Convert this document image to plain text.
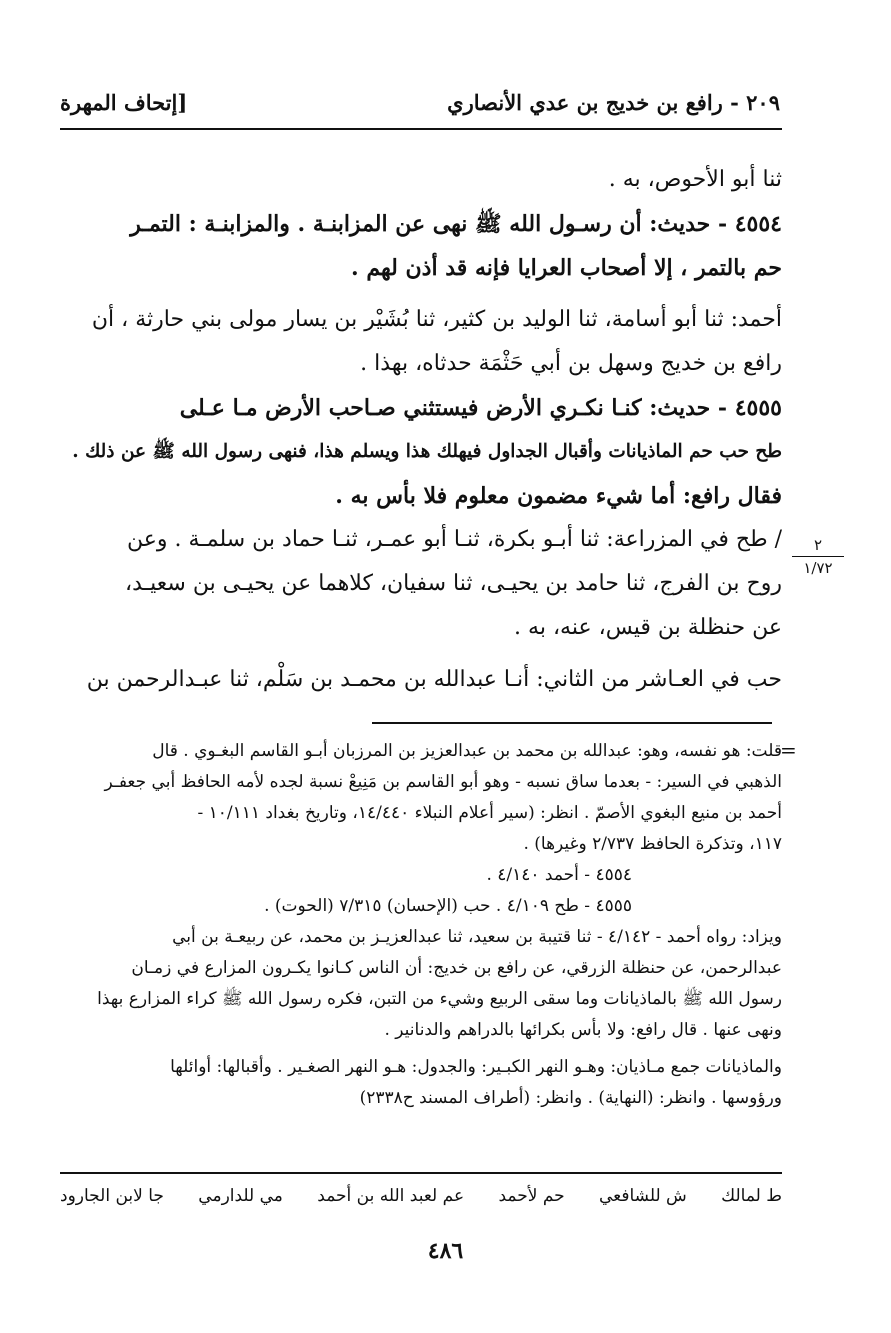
٢٠٩ - رافع بن خديج بن عدي الأنصاري
[إتحاف المهرة
ثنا أبو الأحوص، به .
٤٥٥٤ - حديث: أن رسـول الله ﷺ نهى عن المزابنـة . والمزابنـة : التمـر
حم بالتمر ، إلا أصحاب العرايا فإنه قد أذن لهم .
أحمد: ثنا أبو أسامة، ثنا الوليد بن كثير، ثنا بُشَيْر بن يسار مولى بني حارثة ، أن
رافع بن خديج وسهل بن أبي حَثْمَة حدثاه، بهذا .
٤٥٥٥ - حديث: كنـا نكـري الأرض فيستثني صـاحب الأرض مـا عـلى
طح حب حم الماذيانات وأقبال الجداول فيهلك هذا ويسلم هذا، فنهى رسول الله ﷺ عن ذلك .
فقال رافع: أما شيء مضمون معلوم فلا بأس به .
/ طح في المزراعة: ثنا أبـو بكرة، ثنـا أبو عمـر، ثنـا حماد بن سلمـة . وعن
روح بن الفرج، ثنا حامد بن يحيـى، ثنا سفيان، كلاهما عن يحيـى بن سعيـد،
عن حنظلة بن قيس، عنه، به .
حب في العـاشر من الثاني: أنـا عبدالله بن محمـد بن سَلْم، ثنا عبـدالرحمن بن
٢
١/٧٢
=
قلت: هو نفسه، وهو: عبدالله بن محمد بن عبدالعزيز بن المرزبان أبـو القاسم البغـوي . قال
الذهبي في السير: - بعدما ساق نسبه - وهو أبو القاسم بن مَنِيعْ نسبة لجده لأمه الحافظ أبي جعفـر
أحمد بن منيع البغوي الأصمّ . انظر: (سير أعلام النبلاء ١٤/٤٤٠، وتاريخ بغداد ١٠/١١١ -
١١٧، وتذكرة الحافظ ٢/٧٣٧ وغيرها) .
٤٥٥٤ - أحمد ٤/١٤٠ .
٤٥٥٥ - طح ٤/١٠٩ . حب (الإحسان) ٧/٣١٥ (الحوت) .
ويزاد: رواه أحمد - ٤/١٤٢ - ثنا قتيبة بن سعيد، ثنا عبدالعزيـز بن محمد، عن ربيعـة بن أبي
عبدالرحمن، عن حنظلة الزرقي، عن رافع بن خديج: أن الناس كـانوا يكـرون المزارع في زمـان
رسول الله ﷺ بالماذيانات وما سقى الربيع وشيء من التبن، فكره رسول الله ﷺ كراء المزارع بهذا
ونهى عنها . قال رافع: ولا بأس بكرائها بالدراهم والدنانير .
والماذيانات جمع مـاذيان: وهـو النهر الكبـير: والجدول: هـو النهر الصغـير . وأقبالها: أوائلها
ورؤوسها . وانظر: (النهاية) . وانظر: (أطراف المسند ح٢٣٣٨)
ط لمالك
ش للشافعي
حم لأحمد
عم لعبد الله بن أحمد
مي للدارمي
جا لابن الجارود
٤٨٦
